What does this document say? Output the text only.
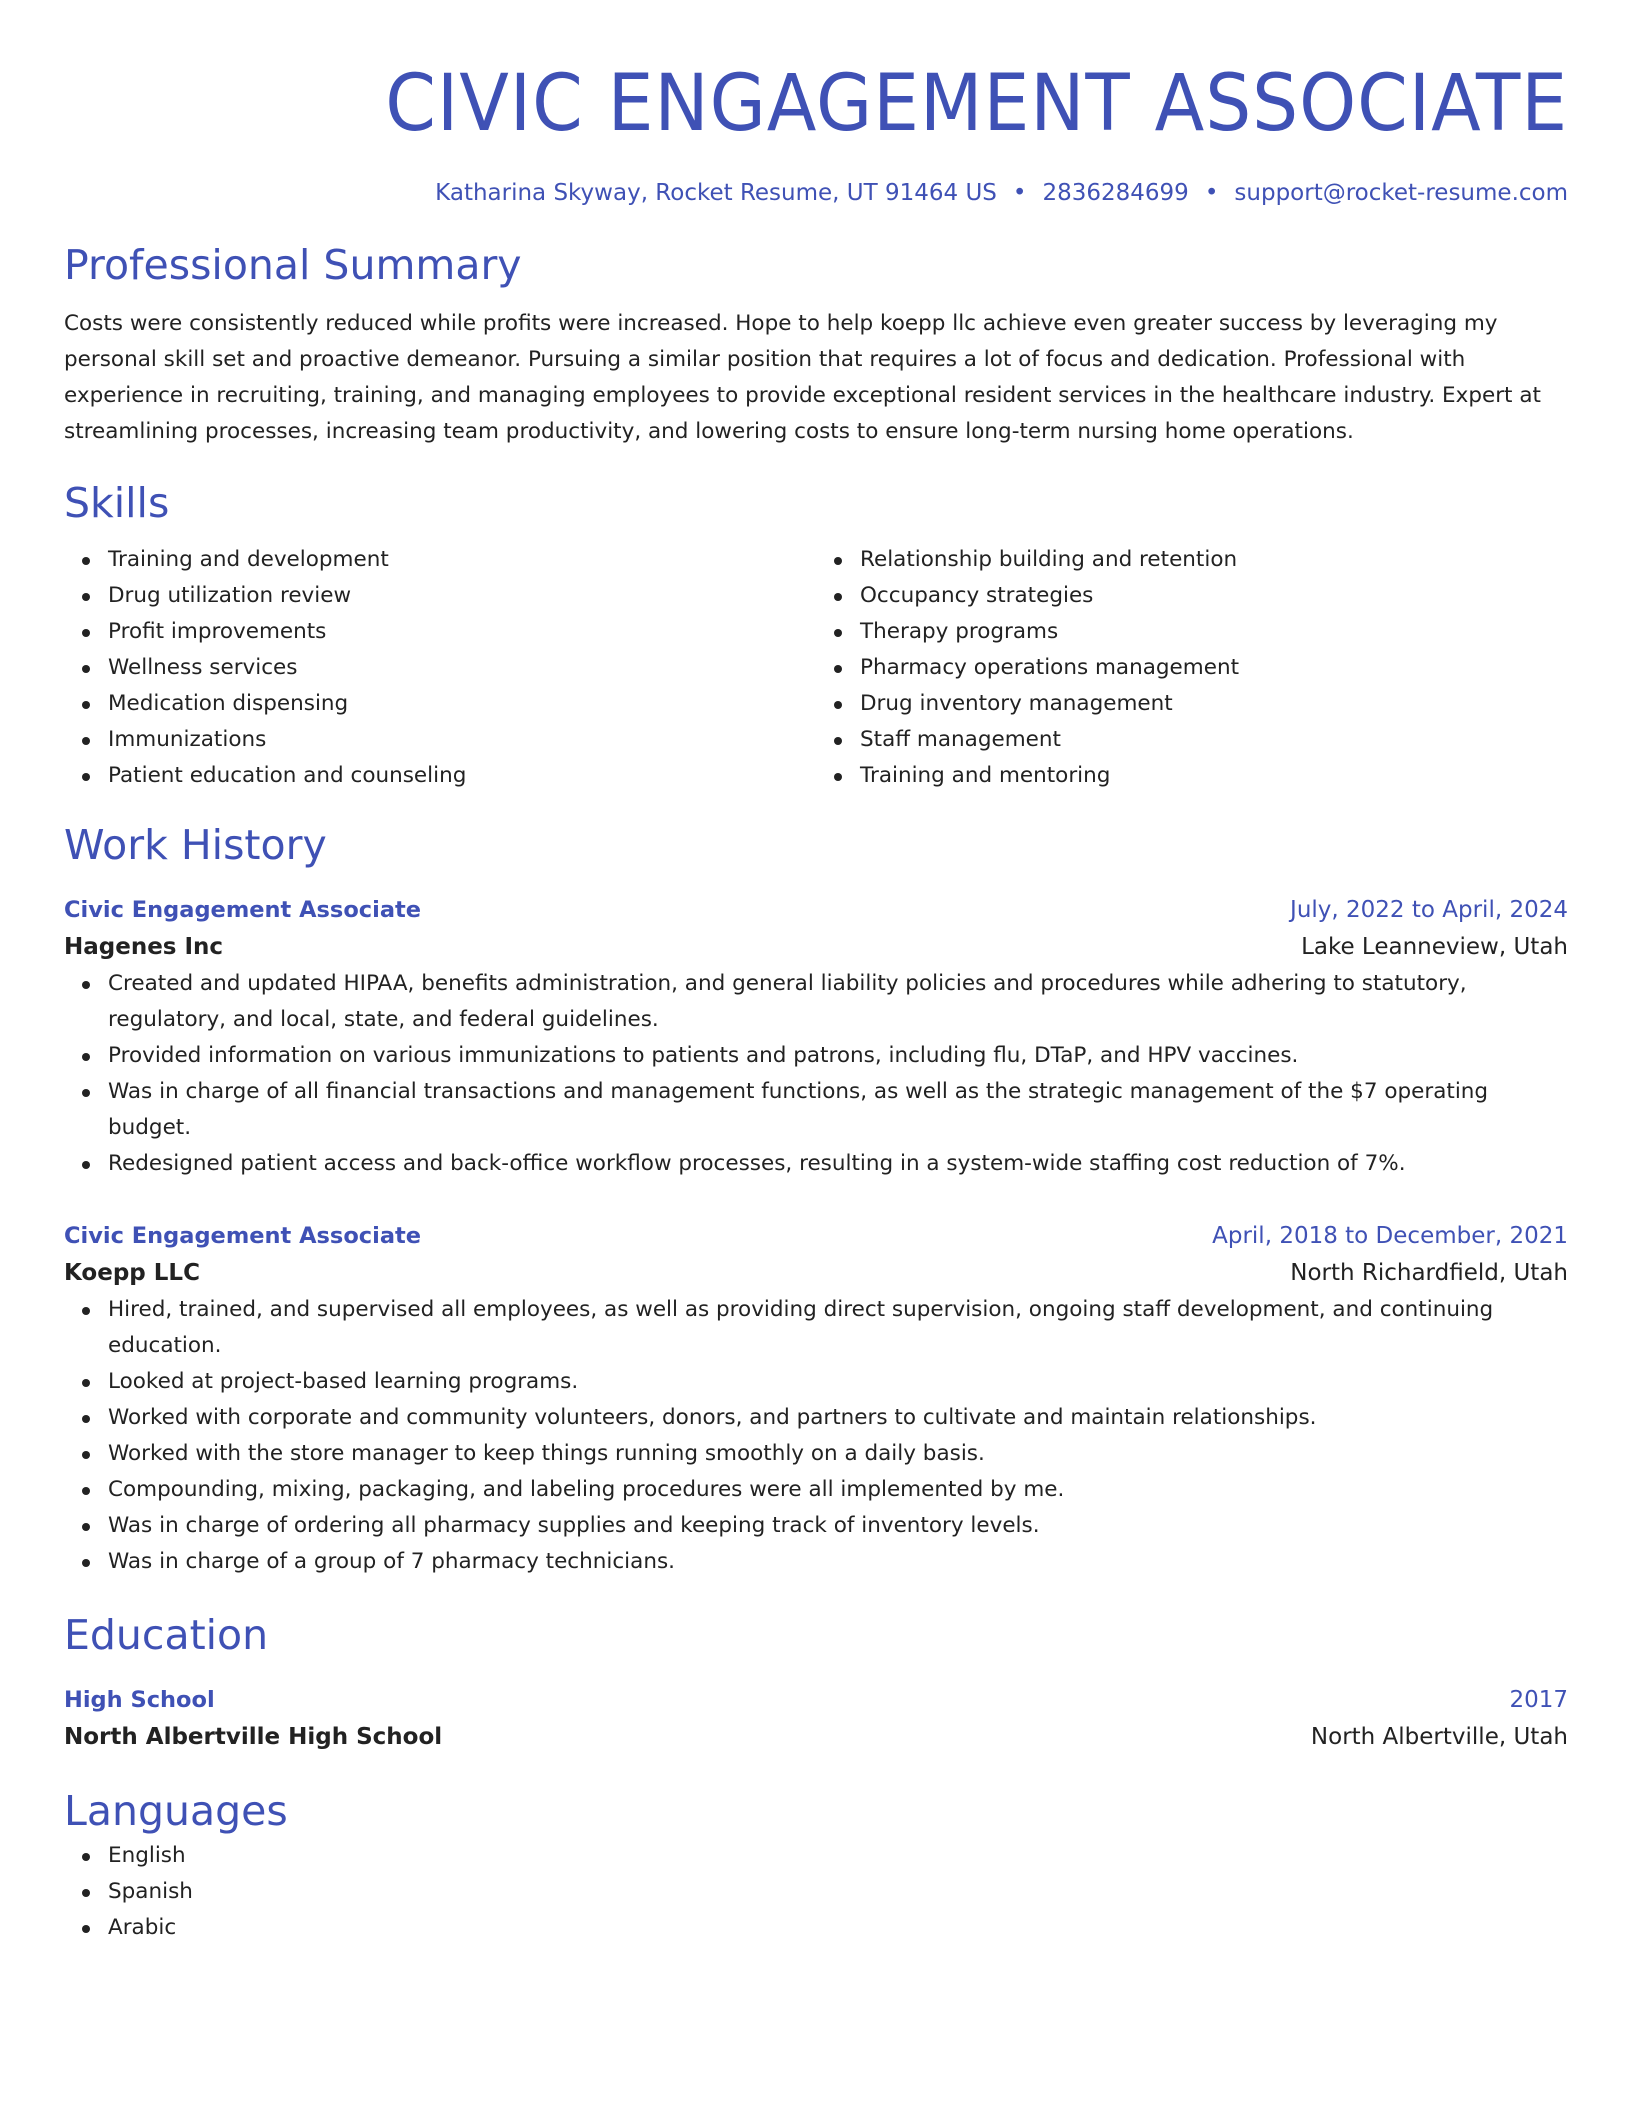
CIVIC ENGAGEMENT ASSOCIATE
Katharina Skyway, Rocket Resume, UT 91464 US • 2836284699 • support@rocket-resume.com
Professional Summary

Costs were consistently reduced while profits were increased. Hope to help koepp llc achieve even greater success by leveraging my personal skill set and proactive demeanor. Pursuing a similar position that requires a lot of focus and dedication. Professional with experience in recruiting, training, and managing employees to provide exceptional resident services in the healthcare industry. Expert at streamlining processes, increasing team productivity, and lowering costs to ensure long-term nursing home operations.

Skills
Training and development
Drug utilization review
Profit improvements
Wellness services
Medication dispensing
Immunizations
Patient education and counseling
Relationship building and retention
Occupancy strategies
Therapy programs
Pharmacy operations management
Drug inventory management
Staff management
Training and mentoring
Work History
Civic Engagement Associate	July, 2022 to April, 2024
Hagenes Inc	Lake Leanneview, Utah
Created and updated HIPAA, benefits administration, and general liability policies and procedures while adhering to statutory, regulatory, and local, state, and federal guidelines.
Provided information on various immunizations to patients and patrons, including flu, DTaP, and HPV vaccines.
Was in charge of all financial transactions and management functions, as well as the strategic management of the $7 operating budget.
Redesigned patient access and back-office workflow processes, resulting in a system-wide staffing cost reduction of 7%.
Civic Engagement Associate	April, 2018 to December, 2021
Koepp LLC	North Richardfield, Utah
Hired, trained, and supervised all employees, as well as providing direct supervision, ongoing staff development, and continuing education.
Looked at project-based learning programs.
Worked with corporate and community volunteers, donors, and partners to cultivate and maintain relationships.
Worked with the store manager to keep things running smoothly on a daily basis.
Compounding, mixing, packaging, and labeling procedures were all implemented by me.
Was in charge of ordering all pharmacy supplies and keeping track of inventory levels.
Was in charge of a group of 7 pharmacy technicians.
Education
High School	2017
North Albertville High School	North Albertville, Utah
Languages
English
Spanish
Arabic
